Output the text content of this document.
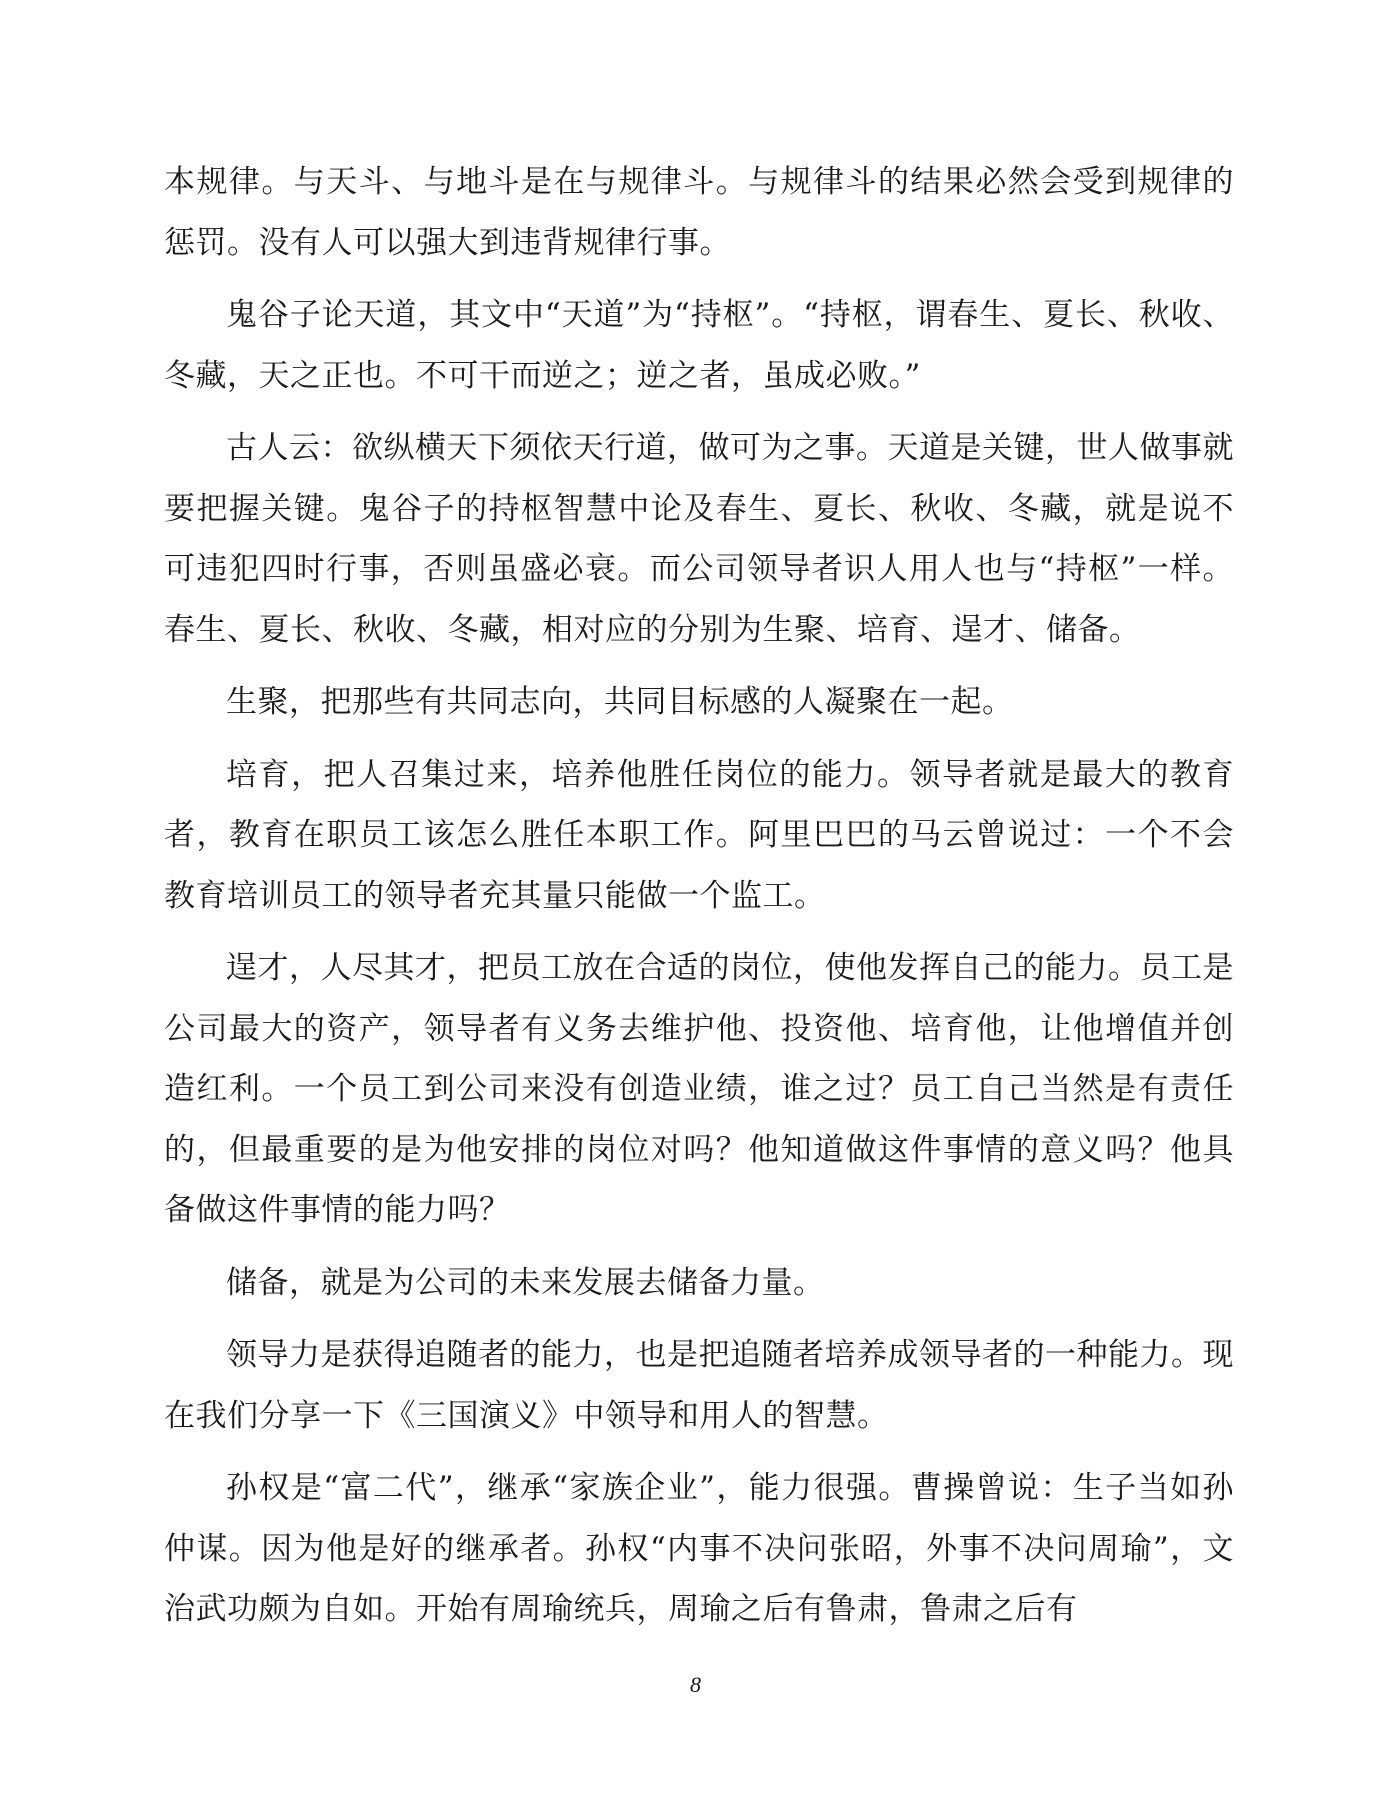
本规律。与天斗、与地斗是在与规律斗。与规律斗的结果必然会受到规律的惩罚。没有人可以强大到违背规律行事。

鬼谷子论天道，其文中“天道”为“持枢”。“持枢，谓春生、夏长、秋收、冬藏，天之正也。不可干而逆之；逆之者，虽成必败。”

古人云：欲纵横天下须依天行道，做可为之事。天道是关键，世人做事就要把握关键。鬼谷子的持枢智慧中论及春生、夏长、秋收、冬藏，就是说不可违犯四时行事，否则虽盛必衰。而公司领导者识人用人也与“持枢”一样。春生、夏长、秋收、冬藏，相对应的分别为生聚、培育、逞才、储备。

生聚，把那些有共同志向，共同目标感的人凝聚在一起。

培育，把人召集过来，培养他胜任岗位的能力。领导者就是最大的教育者，教育在职员工该怎么胜任本职工作。阿里巴巴的马云曾说过：一个不会教育培训员工的领导者充其量只能做一个监工。

逞才，人尽其才，把员工放在合适的岗位，使他发挥自己的能力。员工是公司最大的资产，领导者有义务去维护他、投资他、培育他，让他增值并创造红利。一个员工到公司来没有创造业绩，谁之过？员工自己当然是有责任的，但最重要的是为他安排的岗位对吗？他知道做这件事情的意义吗？他具备做这件事情的能力吗？

储备，就是为公司的未来发展去储备力量。

领导力是获得追随者的能力，也是把追随者培养成领导者的一种能力。现在我们分享一下《三国演义》中领导和用人的智慧。

孙权是“富二代”，继承“家族企业”，能力很强。曹操曾说：生子当如孙仲谋。因为他是好的继承者。孙权“内事不决问张昭，外事不决问周瑜”，文治武功颇为自如。开始有周瑜统兵，周瑜之后有鲁肃，鲁肃之后有

8
